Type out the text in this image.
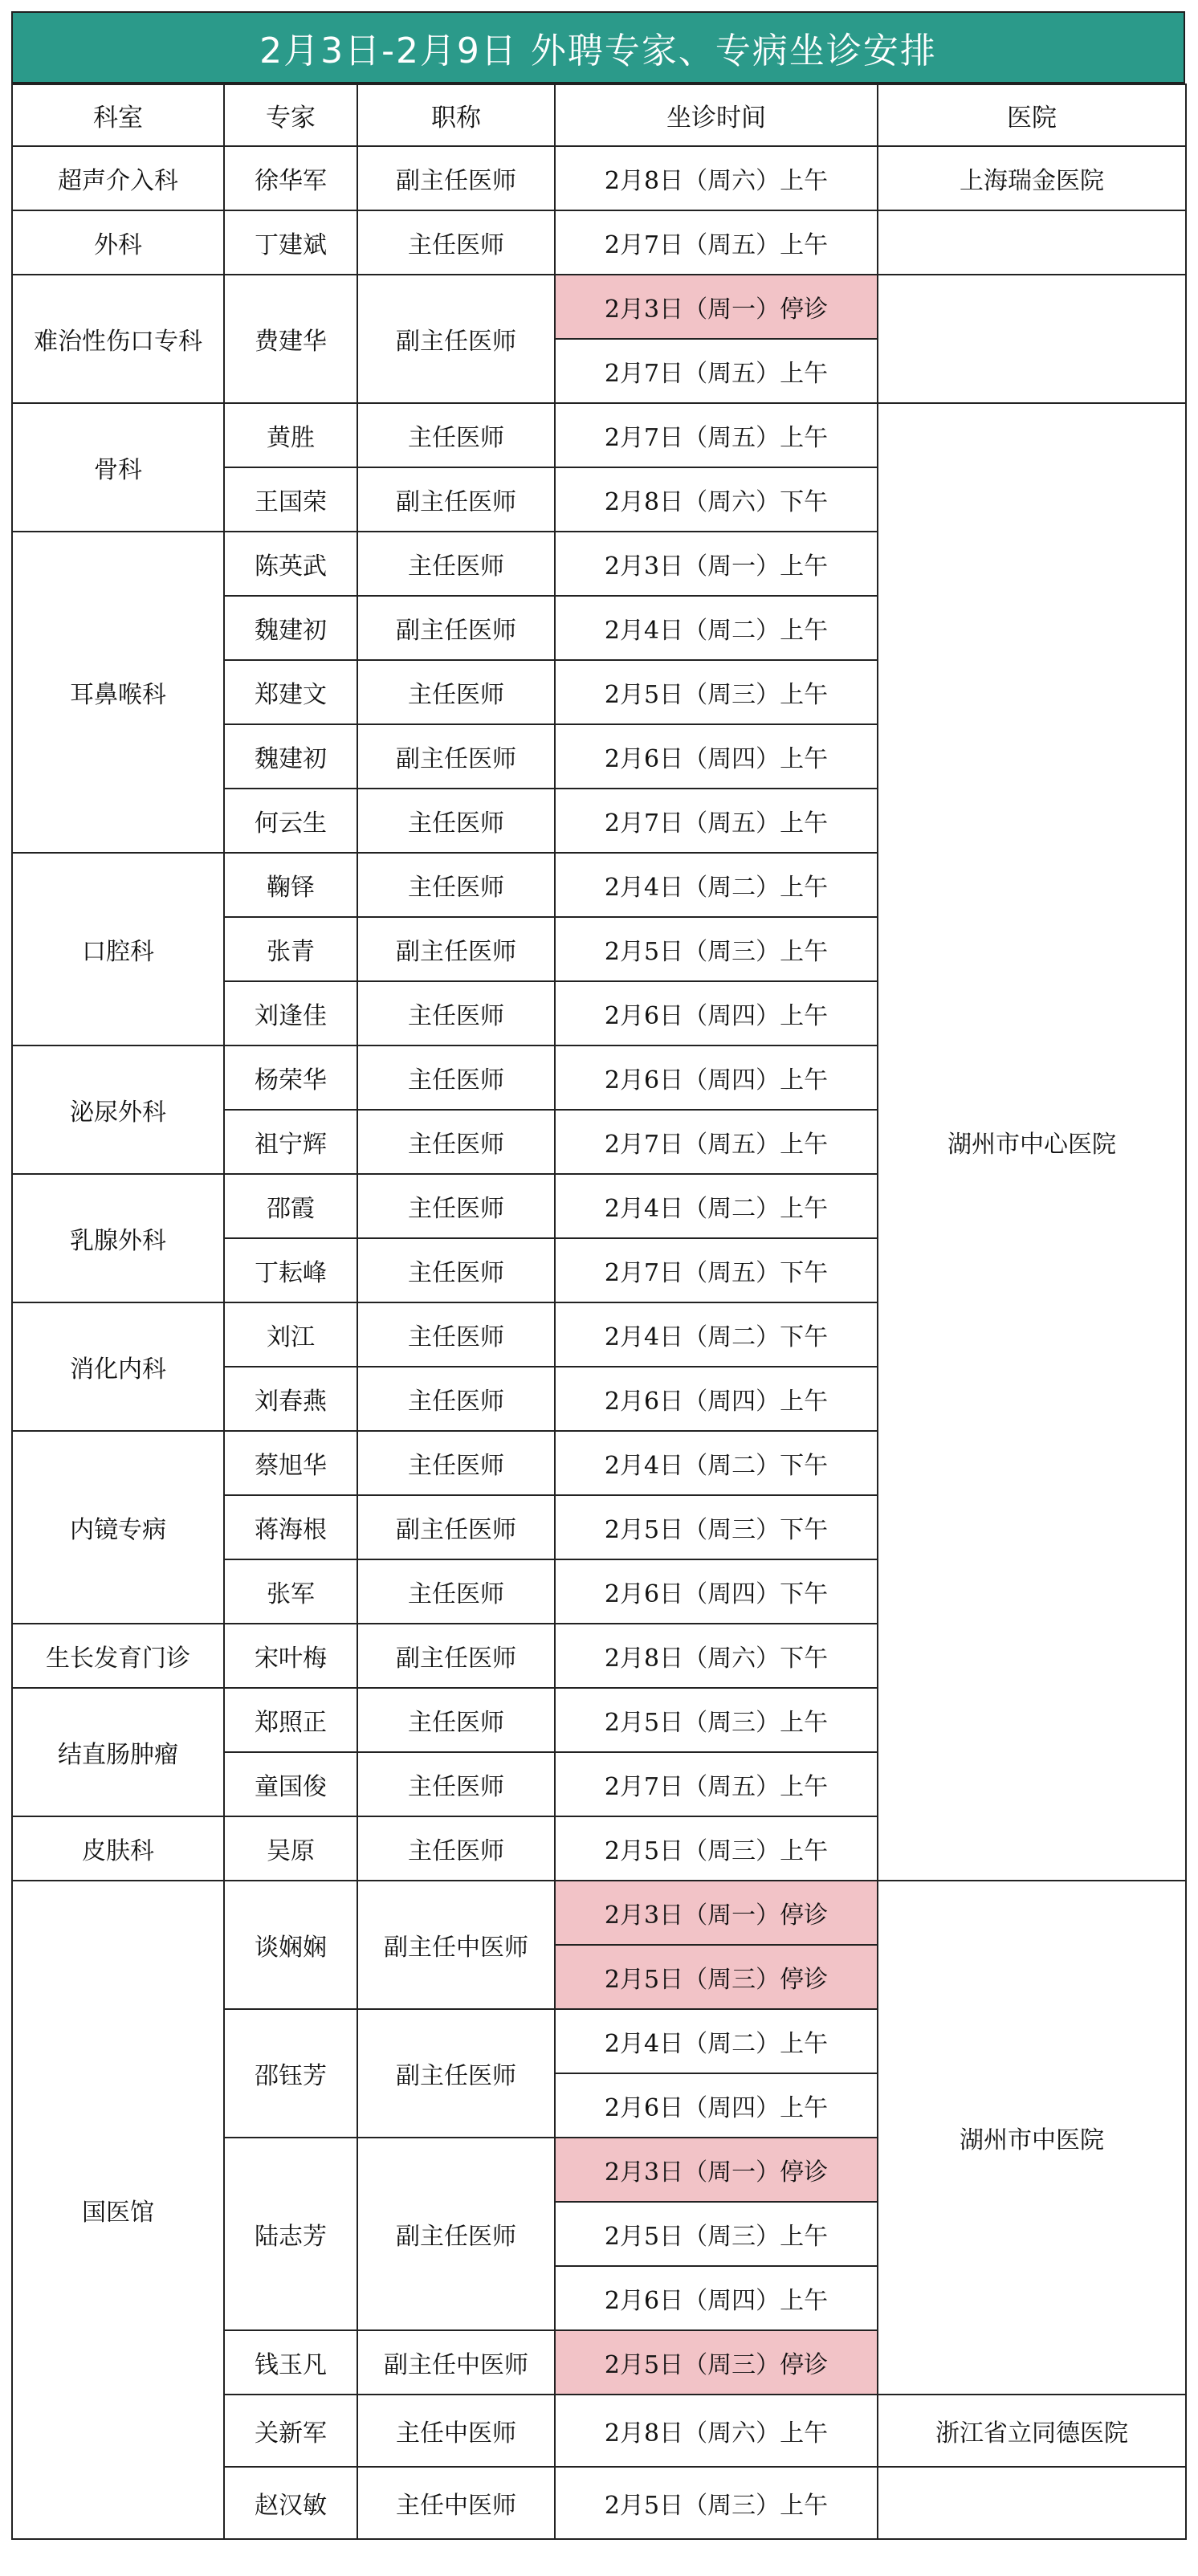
2月3日-2月9日 外聘专家、专病坐诊安排
科室	专家	职称	坐诊时间	医院
超声介入科	徐华军	副主任医师	2月8日（周六）上午	上海瑞金医院
外科	丁建斌	主任医师	2月7日（周五）上午	
难治性伤口专科	费建华	副主任医师	2月3日（周一）停诊	
			2月7日（周五）上午	
骨科	黄胜	主任医师	2月7日（周五）上午	湖州市中心医院
	王国荣	副主任医师	2月8日（周六）下午	
耳鼻喉科	陈英武	主任医师	2月3日（周一）上午	
	魏建初	副主任医师	2月4日（周二）上午	
	郑建文	主任医师	2月5日（周三）上午	
	魏建初	副主任医师	2月6日（周四）上午	
	何云生	主任医师	2月7日（周五）上午	
口腔科	鞠铎	主任医师	2月4日（周二）上午	
	张青	副主任医师	2月5日（周三）上午	
	刘逢佳	主任医师	2月6日（周四）上午	
泌尿外科	杨荣华	主任医师	2月6日（周四）上午	
	祖宁辉	主任医师	2月7日（周五）上午	
乳腺外科	邵霞	主任医师	2月4日（周二）上午	
	丁耘峰	主任医师	2月7日（周五）下午	
消化内科	刘江	主任医师	2月4日（周二）下午	
	刘春燕	主任医师	2月6日（周四）上午	
内镜专病	蔡旭华	主任医师	2月4日（周二）下午	
	蒋海根	副主任医师	2月5日（周三）下午	
	张军	主任医师	2月6日（周四）下午	
生长发育门诊	宋叶梅	副主任医师	2月8日（周六）下午	
结直肠肿瘤	郑照正	主任医师	2月5日（周三）上午	
	童国俊	主任医师	2月7日（周五）上午	
皮肤科	吴原	主任医师	2月5日（周三）上午	
国医馆	谈娴娴	副主任中医师	2月3日（周一）停诊	湖州市中医院
			2月5日（周三）停诊	
	邵钰芳	副主任医师	2月4日（周二）上午	
			2月6日（周四）上午	
	陆志芳	副主任医师	2月3日（周一）停诊	
			2月5日（周三）上午	
			2月6日（周四）上午	
	钱玉凡	副主任中医师	2月5日（周三）停诊	
	关新军	主任中医师	2月8日（周六）上午	浙江省立同德医院
	赵汉敏	主任中医师	2月5日（周三）上午	
